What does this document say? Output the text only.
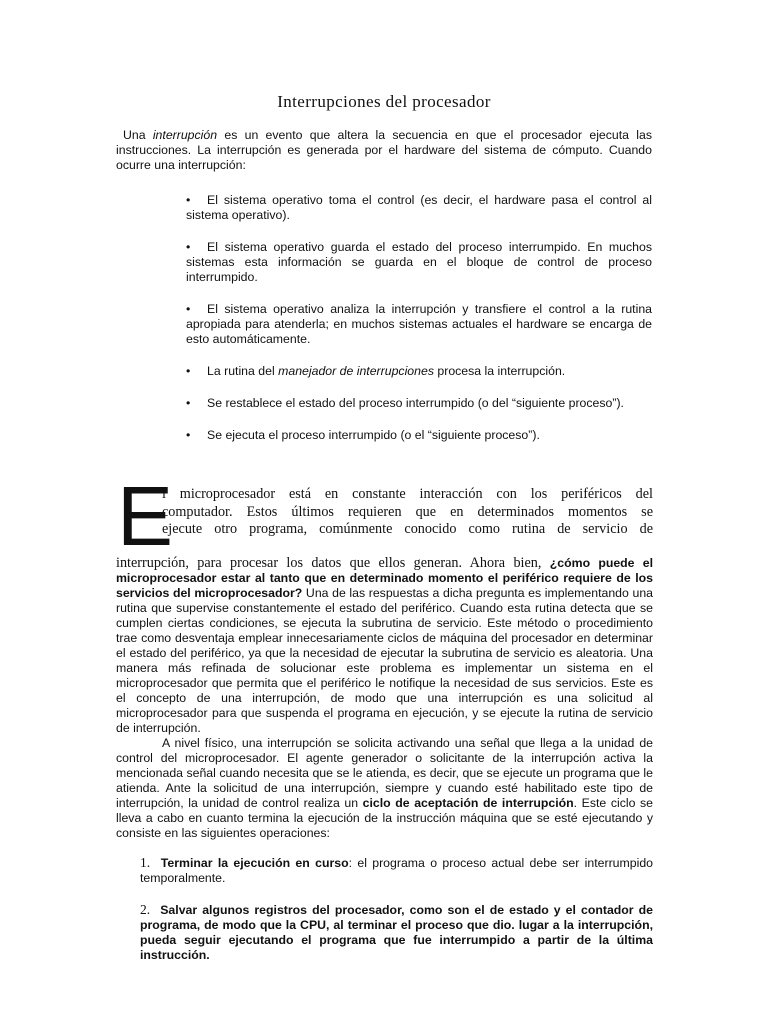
Interrupciones del procesador
Una interrupción es un evento que altera la secuencia en que el procesador ejecuta las instrucciones. La interrupción es generada por el hardware del sistema de cómputo. Cuando ocurre una interrupción:
• El sistema operativo toma el control (es decir, el hardware pasa el control al sistema operativo).
• El sistema operativo guarda el estado del proceso interrumpido. En muchos sistemas esta información se guarda en el bloque de control de proceso interrumpido.
• El sistema operativo analiza la interrupción y transfiere el control a la rutina apropiada para atenderla; en muchos sistemas actuales el hardware se encarga de esto automáticamente.
• La rutina del manejador de interrupciones procesa la interrupción.
• Se restablece el estado del proceso interrumpido (o del “siguiente proceso”).
• Se ejecuta el proceso interrumpido (o el “siguiente proceso”).
E
l microprocesador está en constante interacción con los periféricos del
computador. Estos últimos requieren que en determinados momentos se
ejecute otro programa, comúnmente conocido como rutina de servicio de
interrupción, para procesar los datos que ellos generan. Ahora bien, ¿cómo puede el microprocesador estar al tanto que en determinado momento el periférico requiere de los servicios del microprocesador? Una de las respuestas a dicha pregunta es implementando una rutina que supervise constantemente el estado del periférico. Cuando esta rutina detecta que se cumplen ciertas condiciones, se ejecuta la subrutina de servicio. Este método o procedimiento trae como desventaja emplear innecesariamente ciclos de máquina del procesador en determinar el estado del periférico, ya que la necesidad de ejecutar la subrutina de servicio es aleatoria. Una manera más refinada de solucionar este problema es implementar un sistema en el microprocesador que permita que el periférico le notifique la necesidad de sus servicios. Este es el concepto de una interrupción, de modo que una interrupción es una solicitud al microprocesador para que suspenda el programa en ejecución, y se ejecute la rutina de servicio de interrupción.
A nivel físico, una interrupción se solicita activando una señal que llega a la unidad de control del microprocesador. El agente generador o solicitante de la interrupción activa la mencionada señal cuando necesita que se le atienda, es decir, que se ejecute un programa que le atienda. Ante la solicitud de una interrupción, siempre y cuando esté habilitado este tipo de interrupción, la unidad de control realiza un ciclo de aceptación de interrupción. Este ciclo se lleva a cabo en cuanto termina la ejecución de la instrucción máquina que se esté ejecutando y consiste en las siguientes operaciones:
1. Terminar la ejecución en curso: el programa o proceso actual debe ser interrumpido temporalmente.
2. Salvar algunos registros del procesador, como son el de estado y el contador de programa, de modo que la CPU, al terminar el proceso que dio. lugar a la interrupción, pueda seguir ejecutando el programa que fue interrumpido a partir de la última instrucción.
